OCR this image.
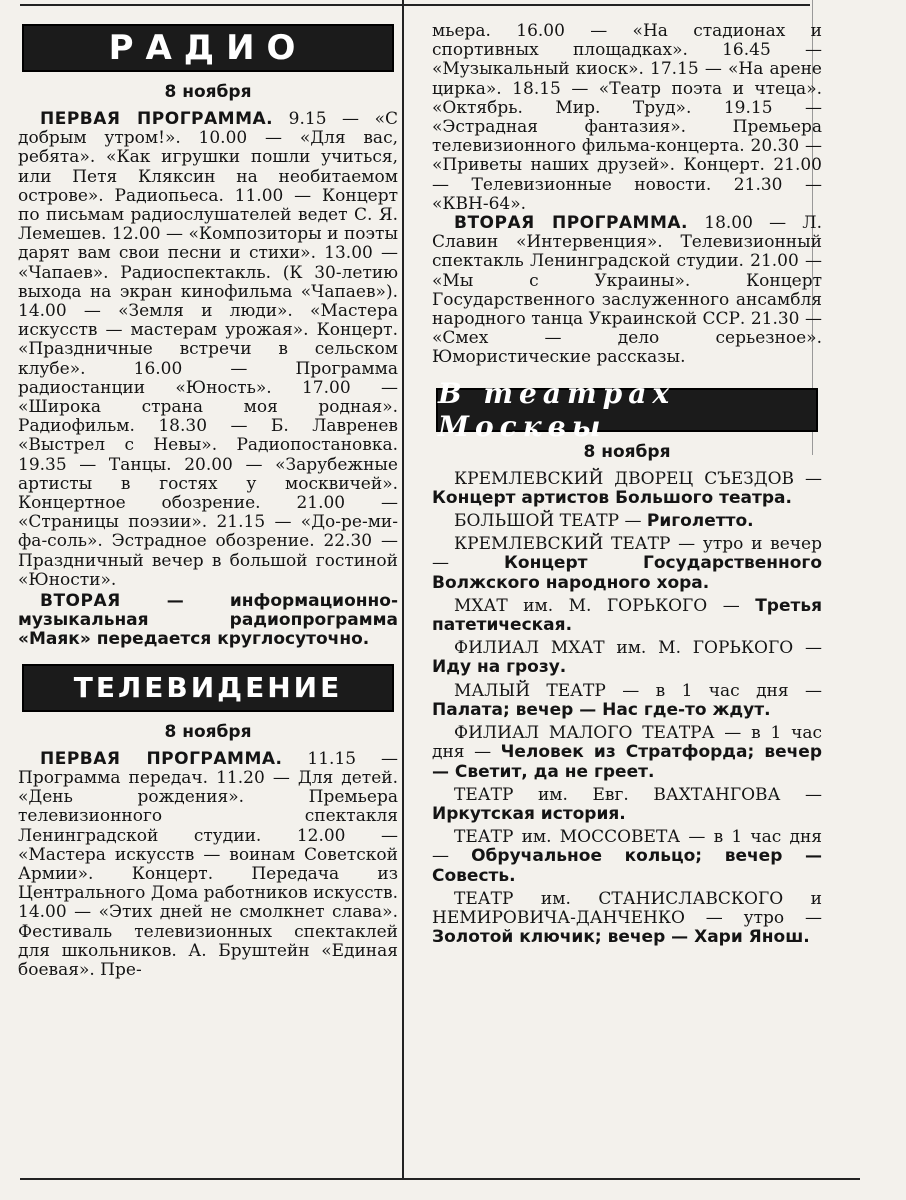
РАДИО
8 ноября

ПЕРВАЯ ПРОГРАММА. 9.15 — «С добрым утром!». 10.00 — «Для вас, ребята». «Как игрушки пошли учиться, или Петя Кляксин на необитаемом острове». Радиопьеса. 11.00 — Концерт по письмам радиослушателей ведет С. Я. Лемешев. 12.00 — «Композиторы и поэты дарят вам свои песни и стихи». 13.00 — «Чапаев». Радиоспектакль. (К 30-летию выхода на экран кинофильма «Чапаев»). 14.00 — «Земля и люди». «Мастера искусств — мастерам урожая». Концерт. «Праздничные встречи в сельском клубе». 16.00 — Программа радиостанции «Юность». 17.00 — «Широка страна моя родная». Радиофильм. 18.30 — Б. Лавренев «Выстрел с Невы». Радиопостановка. 19.35 — Танцы. 20.00 — «Зарубежные артисты в гостях у москвичей». Концертное обозрение. 21.00 — «Страницы поэзии». 21.15 — «До-ре-ми-фа-соль». Эстрадное обозрение. 22.30 — Праздничный вечер в большой гостиной «Юности».

ВТОРАЯ	— информационно-музыкальная радиопрограмма «Маяк» передается круглосуточно.

ТЕЛЕВИДЕНИЕ
8 ноября

ПЕРВАЯ ПРОГРАММА. 11.15 — Программа передач. 11.20 — Для детей. «День рождения». Премьера телевизионного спектакля Ленинградской студии. 12.00 — «Мастера искусств — воинам Советской Армии». Концерт. Передача из Центрального Дома работников искусств. 14.00 — «Этих дней не смолкнет слава». Фестиваль телевизионных спектаклей для школьников. А. Бруштейн «Единая боевая». Пре-

мьера. 16.00 — «На стадионах и спортивных площадках». 16.45 — «Музыкальный киоск». 17.15 — «На арене цирка». 18.15 — «Театр поэта и чтеца». «Октябрь. Мир. Труд». 19.15 — «Эстрадная фантазия». Премьера телевизионного фильма-концерта. 20.30 — «Приветы наших друзей». Концерт. 21.00 — Телевизионные новости. 21.30 — «КВН-64».

ВТОРАЯ ПРОГРАММА. 18.00 — Л. Славин «Интервенция». Телевизионный спектакль Ленинградской студии. 21.00 — «Мы с Украины». Концерт Государственного заслуженного ансамбля народного танца Украинской ССР. 21.30 — «Смех — дело серьезное». Юмористические рассказы.

В театрах Москвы
8 ноября

КРЕМЛЕВСКИЙ ДВОРЕЦ СЪЕЗДОВ — Концерт артистов Большого театра.

БОЛЬШОЙ ТЕАТР — Риголетто.

КРЕМЛЕВСКИЙ ТЕАТР — утро и вечер —	Концерт Государственного Волжского народного хора.

МХАТ им. М. ГОРЬКОГО — Третья патетическая.

ФИЛИАЛ МХАТ им. М. ГОРЬКОГО — Иду на грозу.

МАЛЫЙ ТЕАТР — в 1 час дня — Палата; вечер — Нас где-то ждут.

ФИЛИАЛ МАЛОГО ТЕАТРА — в 1 час дня — Человек из Стратфорда; вечер — Светит, да не греет.

ТЕАТР им. Евг. ВАХТАНГОВА — Иркутская история.

ТЕАТР им. МОССОВЕТА — в 1 час дня — Обручальное кольцо; вечер — Совесть.

ТЕАТР им. СТАНИСЛАВСКОГО и НЕМИРОВИЧА-ДАНЧЕНКО — утро — Золотой ключик; вечер — Хари Янош.
